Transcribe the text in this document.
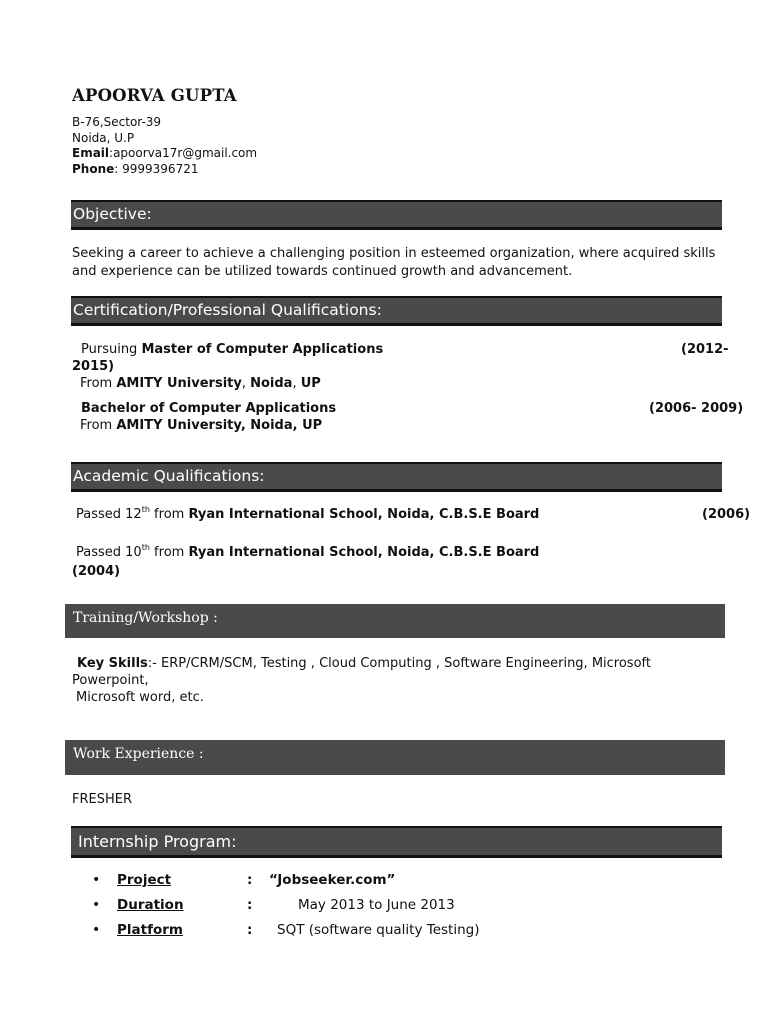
APOORVA GUPTA
B-76,Sector-39
Noida, U.P
Email:apoorva17r@gmail.com
Phone: 9999396721
Objective:
Seeking a career to achieve a challenging position in esteemed organization, where acquired skills and experience can be utilized towards continued growth and advancement.
Certification/Professional Qualifications:
Pursuing Master of Computer Applications	(2012-
2015)
From AMITY University, Noida, UP
Bachelor of Computer Applications	(2006- 2009)
From AMITY University, Noida, UP
Academic Qualifications:
Passed 12th from Ryan International School, Noida, C.B.S.E Board	(2006)
Passed 10th from Ryan International School, Noida, C.B.S.E Board
(2004)
Training/Workshop :
Key Skills:- ERP/CRM/SCM, Testing , Cloud Computing , Software Engineering, Microsoft
Powerpoint,
Microsoft word, etc.
Work Experience :
FRESHER
Internship Program:
• Project	: “Jobseeker.com”
• Duration	:	May 2013 to June 2013
• Platform	: SQT (software quality Testing)
